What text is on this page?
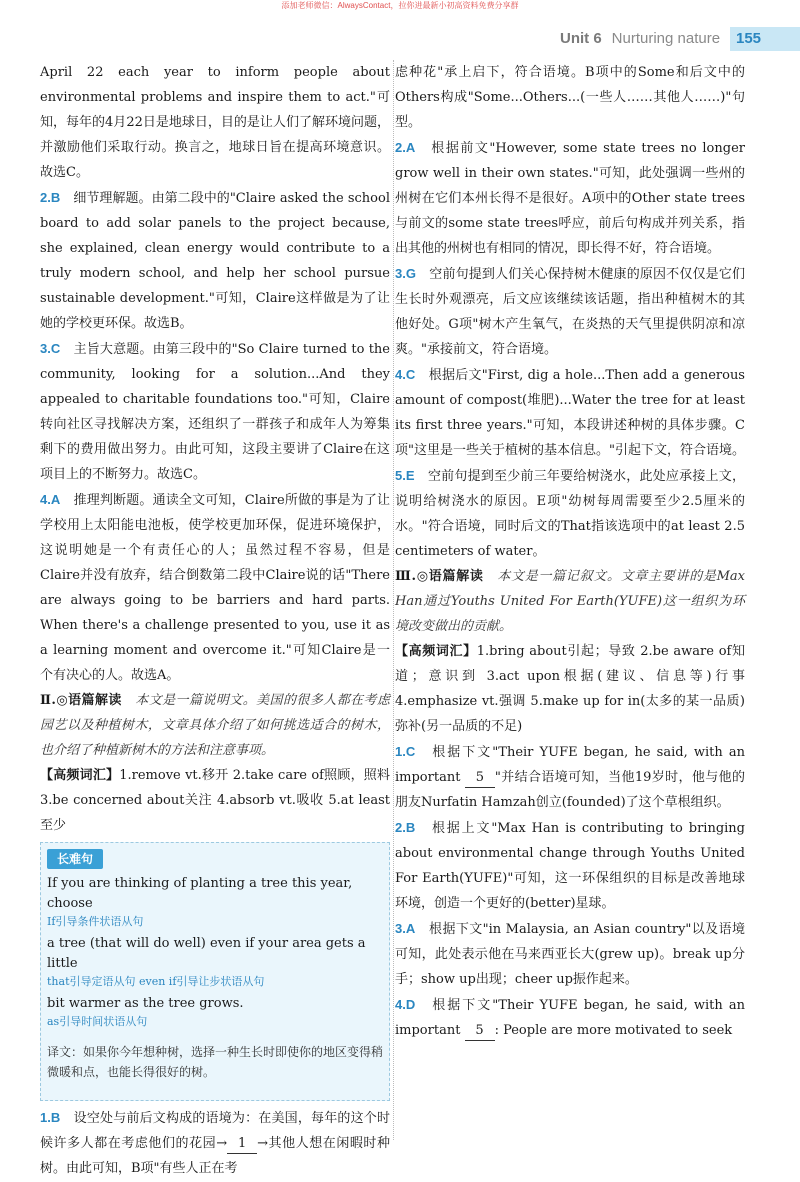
添加老师微信：AlwaysContact，拉你进最新小初高资料免费分享群
Unit 6 Nurturing nature	155

April 22 each year to inform people about environmental problems and inspire them to act."可知，每年的4月22日是地球日，目的是让人们了解环境问题，并激励他们采取行动。换言之，地球日旨在提高环境意识。故选C。

2.B　 细节理解题。由第二段中的"Claire asked the school board to add solar panels to the project because, she explained, clean energy would contribute to a truly modern school, and help her school pursue sustainable development."可知，Claire这样做是为了让她的学校更环保。故选B。

3.C　 主旨大意题。由第三段中的"So Claire turned to the community, looking for a solution...And they appealed to charitable foundations too."可知，Claire转向社区寻找解决方案，还组织了一群孩子和成年人为筹集剩下的费用做出努力。由此可知，这段主要讲了Claire在这项目上的不断努力。故选C。

4.A　 推理判断题。通读全文可知，Claire所做的事是为了让学校用上太阳能电池板，使学校更加环保，促进环境保护，这说明她是一个有责任心的人；虽然过程不容易，但是Claire并没有放弃，结合倒数第二段中Claire说的话"There are always going to be barriers and hard parts. When there's a challenge presented to you, use it as a learning moment and overcome it."可知Claire是一个有决心的人。故选A。

Ⅱ.◎语篇解读　 本文是一篇说明文。美国的很多人都在考虑园艺以及种植树木，文章具体介绍了如何挑选适合的树木，也介绍了种植新树木的方法和注意事项。

【高频词汇】1.remove vt.移开 2.take care of照顾，照料 3.be concerned about关注 4.absorb vt.吸收 5.at least至少

长难句

If you are thinking of planting a tree this year, choose

If引导条件状语从句

a tree (that will do well) even if your area gets a little

that引导定语从句 even if引导让步状语从句

bit warmer as the tree grows.

as引导时间状语从句

译文：如果你今年想种树，选择一种生长时即使你的地区变得稍微暖和点，也能长得很好的树。

1.B　 设空处与前后文构成的语境为：在美国，每年的这个时候许多人都在考虑他们的花园→ 1 →其他人想在闲暇时种树。由此可知，B项"有些人正在考

虑种花"承上启下，符合语境。B项中的Some和后文中的Others构成"Some...Others...(一些人……其他人……)"句型。

2.A　 根据前文"However, some state trees no longer grow well in their own states."可知，此处强调一些州的州树在它们本州长得不是很好。A项中的Other state trees与前文的some state trees呼应，前后句构成并列关系，指出其他的州树也有相同的情况，即长得不好，符合语境。

3.G　 空前句提到人们关心保持树木健康的原因不仅仅是它们生长时外观漂亮，后文应该继续该话题，指出种植树木的其他好处。G项"树木产生氧气，在炎热的天气里提供阴凉和凉爽。"承接前文，符合语境。

4.C　 根据后文"First, dig a hole...Then add a generous amount of compost(堆肥)...Water the tree for at least its first three years."可知，本段讲述种树的具体步骤。C项"这里是一些关于植树的基本信息。"引起下文，符合语境。

5.E　 空前句提到至少前三年要给树浇水，此处应承接上文，说明给树浇水的原因。E项"幼树每周需要至少2.5厘米的水。"符合语境，同时后文的That指该选项中的at least 2.5 centimeters of water。

Ⅲ.◎语篇解读　 本文是一篇记叙文。文章主要讲的是Max Han通过Youths United For Earth(YUFE)这一组织为环境改变做出的贡献。

【高频词汇】1.bring about引起；导致 2.be aware of知道；意识到 3.act upon根据(建议、信息等)行事 4.emphasize vt.强调 5.make up for in(太多的某一品质)弥补(另一品质的不足)

1.C　 根据下文"Their YUFE began, he said, with an important 5 "并结合语境可知，当他19岁时，他与他的朋友Nurfatin Hamzah创立(founded)了这个草根组织。

2.B　 根据上文"Max Han is contributing to bringing about environmental change through Youths United For Earth(YUFE)"可知，这一环保组织的目标是改善地球环境，创造一个更好的(better)星球。

3.A　 根据下文"in Malaysia, an Asian country"以及语境可知，此处表示他在马来西亚长大(grew up)。break up分手；show up出现；cheer up振作起来。

4.D　 根据下文"Their YUFE began, he said, with an important 5 : People are more motivated to seek
